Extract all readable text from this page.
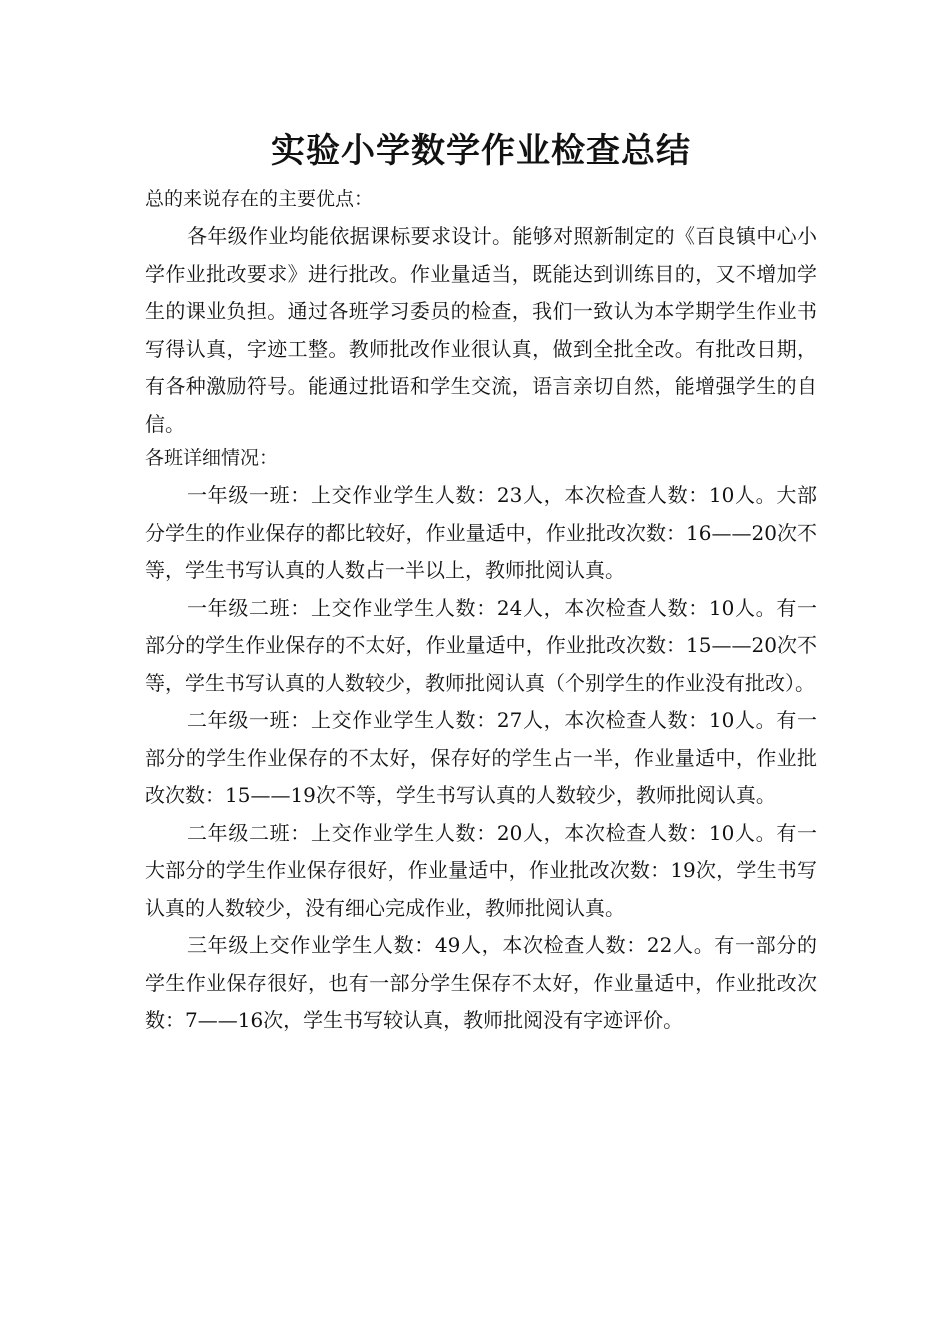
实验小学数学作业检查总结
总的来说存在的主要优点：

各年级作业均能依据课标要求设计。能够对照新制定的《百良镇中心小学作业批改要求》进行批改。作业量适当，既能达到训练目的，又不增加学生的课业负担。通过各班学习委员的检查，我们一致认为本学期学生作业书写得认真，字迹工整。教师批改作业很认真，做到全批全改。有批改日期，有各种激励符号。能通过批语和学生交流，语言亲切自然，能增强学生的自信。

各班详细情况：

一年级一班：上交作业学生人数：23人，本次检查人数：10人。大部分学生的作业保存的都比较好，作业量适中，作业批改次数：16——20次不等，学生书写认真的人数占一半以上，教师批阅认真。

一年级二班：上交作业学生人数：24人，本次检查人数：10人。有一部分的学生作业保存的不太好，作业量适中，作业批改次数：15——20次不等，学生书写认真的人数较少，教师批阅认真（个别学生的作业没有批改）。

二年级一班：上交作业学生人数：27人，本次检查人数：10人。有一部分的学生作业保存的不太好，保存好的学生占一半，作业量适中，作业批改次数：15——19次不等，学生书写认真的人数较少，教师批阅认真。

二年级二班：上交作业学生人数：20人，本次检查人数：10人。有一大部分的学生作业保存很好，作业量适中，作业批改次数：19次，学生书写认真的人数较少，没有细心完成作业，教师批阅认真。

三年级上交作业学生人数：49人，本次检查人数：22人。有一部分的学生作业保存很好，也有一部分学生保存不太好，作业量适中，作业批改次数：7——16次，学生书写较认真，教师批阅没有字迹评价。
